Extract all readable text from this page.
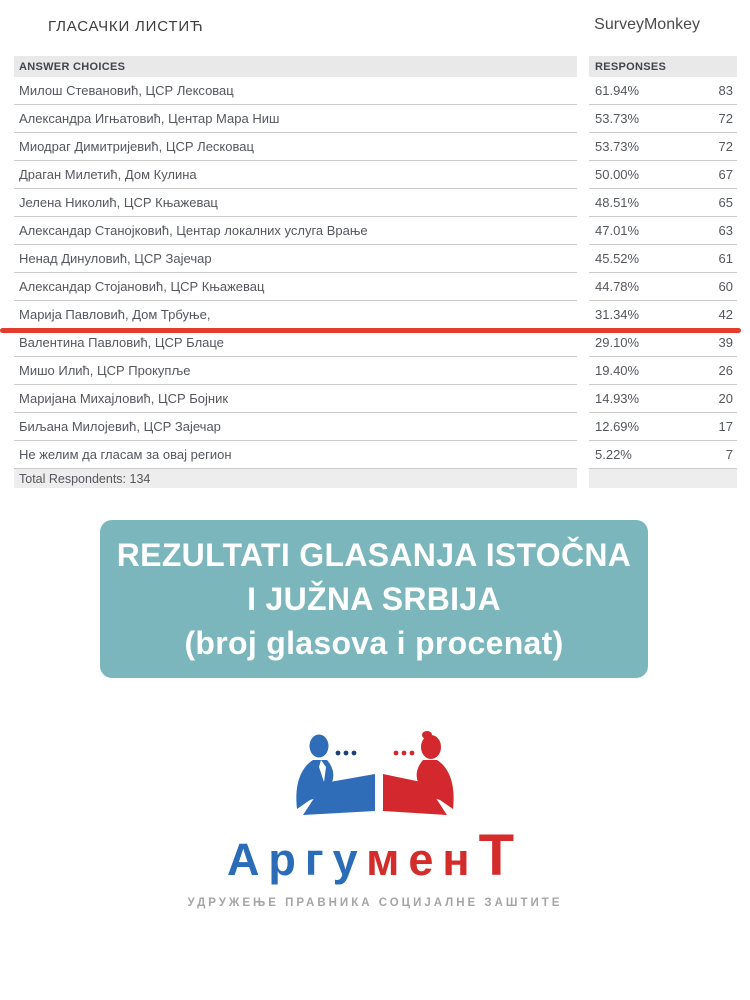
ГЛАСАЧКИ ЛИСТИЋ	SurveyMonkey
ANSWER CHOICES	RESPONSES
Милош Стевановић, ЦСР Лексовац	61.94%	83
Александра Игњатовић, Центар Мара Ниш	53.73%	72
Миодраг Димитријевић, ЦСР Лесковац	53.73%	72
Драган Милетић, Дом Кулина	50.00%	67
Јелена Николић, ЦСР Књажевац	48.51%	65
Александар Станојковић, Центар локалних услуга Врање	47.01%	63
Ненад Динуловић, ЦСР Зајечар	45.52%	61
Александар Стојановић, ЦСР Књажевац	44.78%	60
Марија Павловић, Дом Трбуње,	31.34%	42
Валентина Павловић, ЦСР Блаце	29.10%	39
Мишо Илић, ЦСР Прокупље	19.40%	26
Маријана Михајловић, ЦСР Бојник	14.93%	20
Биљана Милојевић, ЦСР Зајечар	12.69%	17
Не желим да гласам за овај регион	5.22%	7
Total Respondents: 134
REZULTATI GLASANJA ISTOČNA
I JUŽNA SRBIJA
(broj glasova i procenat)
АргуменТ
УДРУЖЕЊЕ ПРАВНИКА СОЦИЈАЛНЕ ЗАШТИТЕ
